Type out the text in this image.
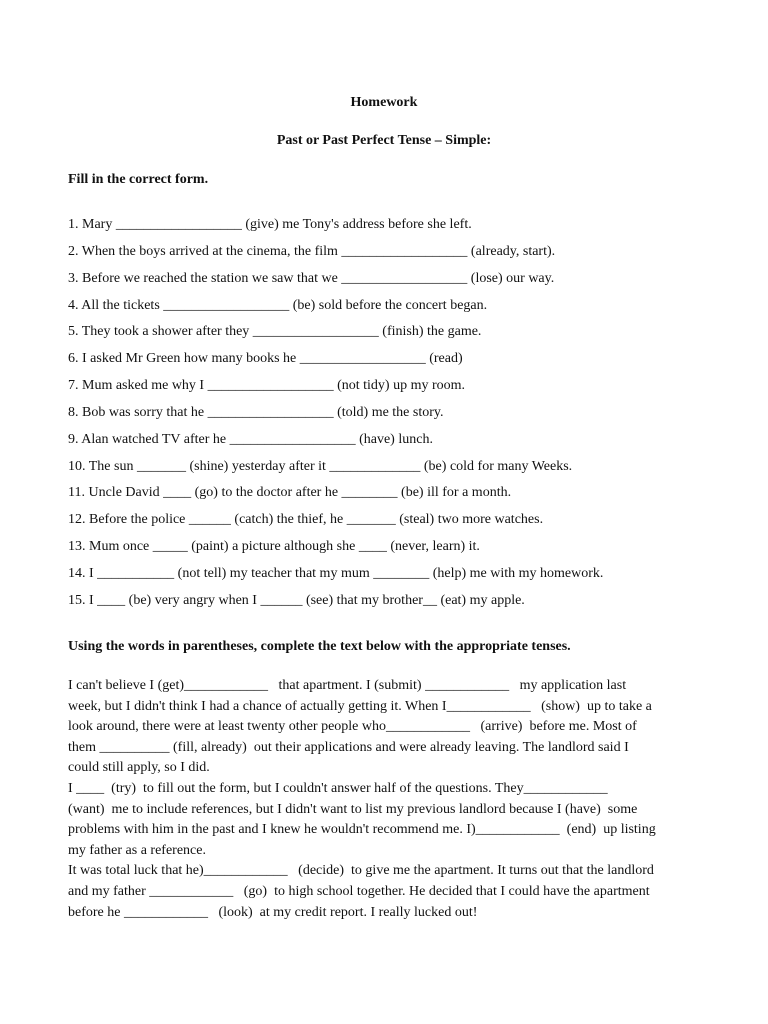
Homework
Past or Past Perfect Tense – Simple:

Fill in the correct form.

1. Mary __________________ (give) me Tony's address before she left.
2. When the boys arrived at the cinema, the film __________________ (already, start).
3. Before we reached the station we saw that we __________________ (lose) our way.
4. All the tickets __________________ (be) sold before the concert began.
5. They took a shower after they __________________ (finish) the game.
6. I asked Mr Green how many books he __________________ (read)
7. Mum asked me why I __________________ (not tidy) up my room.
8. Bob was sorry that he __________________ (told) me the story.
9. Alan watched TV after he __________________ (have) lunch.
10. The sun _______ (shine) yesterday after it _____________ (be) cold for many Weeks.
11. Uncle David ____ (go) to the doctor after he ________ (be) ill for a month.
12. Before the police ______ (catch) the thief, he _______ (steal) two more watches.
13. Mum once _____ (paint) a picture although she ____ (never, learn) it.
14. I ___________ (not tell) my teacher that my mum ________ (help) me with my homework.
15. I ____ (be) very angry when I ______ (see) that my brother__ (eat) my apple.

Using the words in parentheses, complete the text below with the appropriate tenses.

I can't believe I (get)____________   that apartment. I (submit) ____________   my application last
week, but I didn't think I had a chance of actually getting it. When I____________   (show)  up to take a
look around, there were at least twenty other people who____________   (arrive)  before me. Most of
them __________ (fill, already)  out their applications and were already leaving. The landlord said I
could still apply, so I did.
I ____  (try)  to fill out the form, but I couldn't answer half of the questions. They____________
(want)  me to include references, but I didn't want to list my previous landlord because I (have)  some
problems with him in the past and I knew he wouldn't recommend me. I)____________  (end)  up listing
my father as a reference.
It was total luck that he)____________   (decide)  to give me the apartment. It turns out that the landlord
and my father ____________   (go)  to high school together. He decided that I could have the apartment
before he ____________   (look)  at my credit report. I really lucked out!
